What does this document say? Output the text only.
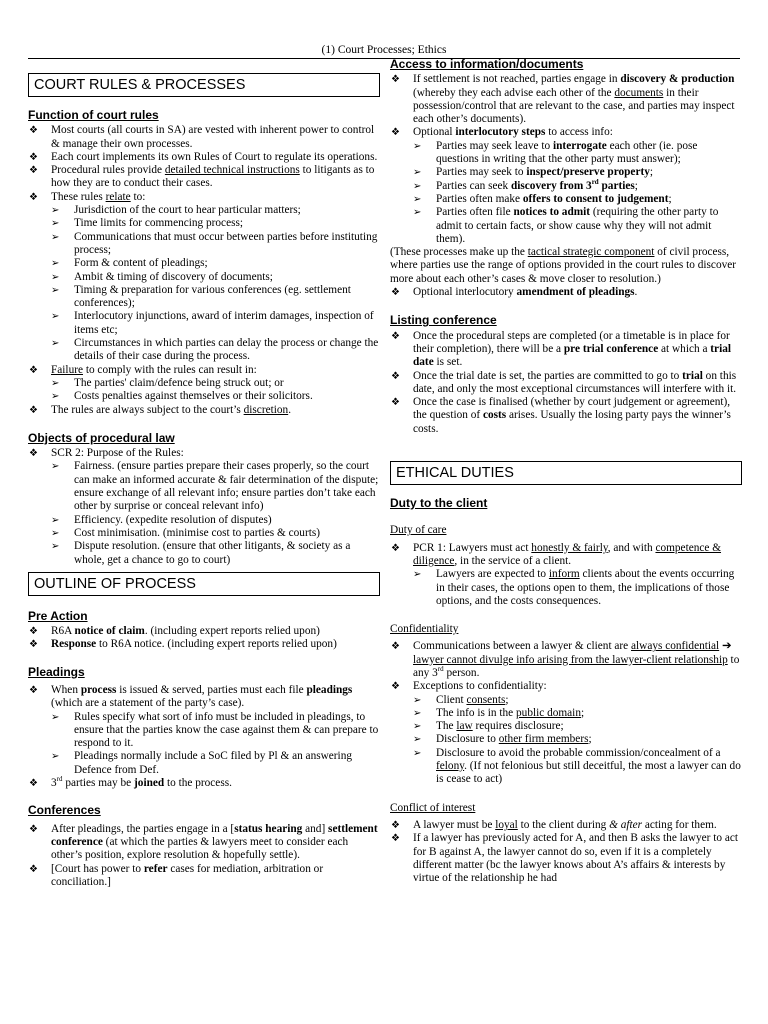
(1) Court Processes; Ethics
COURT RULES & PROCESSES

Function of court rules

❖ Most courts (all courts in SA) are vested with inherent power to control & manage their own processes.
❖ Each court implements its own Rules of Court to regulate its operations.
❖ Procedural rules provide detailed technical instructions to litigants as to how they are to conduct their cases.
❖ These rules relate to:
➢ Jurisdiction of the court to hear particular matters;
➢ Time limits for commencing process;
➢ Communications that must occur between parties before instituting process;
➢ Form & content of pleadings;
➢ Ambit & timing of discovery of documents;
➢ Timing & preparation for various conferences (eg. settlement conferences);
➢ Interlocutory injunctions, award of interim damages, inspection of items etc;
➢ Circumstances in which parties can delay the process or change the details of their case during the process.
❖ Failure to comply with the rules can result in:
➢ The parties' claim/defence being struck out; or
➢ Costs penalties against themselves or their solicitors.
❖ The rules are always subject to the court’s discretion.

Objects of procedural law

❖ SCR 2: Purpose of the Rules:
➢ Fairness. (ensure parties prepare their cases properly, so the court can make an informed accurate & fair determination of the dispute; ensure exchange of all relevant info; ensure parties don’t take each other by surprise or conceal relevant info)
➢ Efficiency. (expedite resolution of disputes)
➢ Cost minimisation. (minimise cost to parties & courts)
➢ Dispute resolution. (ensure that other litigants, & society as a whole, get a chance to go to court)
OUTLINE OF PROCESS

Pre Action

❖ R6A notice of claim. (including expert reports relied upon)
❖ Response to R6A notice. (including expert reports relied upon)

Pleadings

❖ When process is issued & served, parties must each file pleadings (which are a statement of the party’s case).
➢ Rules specify what sort of info must be included in pleadings, to ensure that the parties know the case against them & can prepare to respond to it.
➢ Pleadings normally include a SoC filed by Pl & an answering Defence from Def.
❖ 3rd parties may be joined to the process.

Conferences

❖ After pleadings, the parties engage in a [status hearing and] settlement conference (at which the parties & lawyers meet to consider each other’s position, explore resolution & hopefully settle).
❖ [Court has power to refer cases for mediation, arbitration or conciliation.]

Access to information/documents

❖ If settlement is not reached, parties engage in discovery & production (whereby they each advise each other of the documents in their possession/control that are relevant to the case, and parties may inspect each other’s documents).
❖ Optional interlocutory steps to access info:
➢ Parties may seek leave to interrogate each other (ie. pose questions in writing that the other party must answer);
➢ Parties may seek to inspect/preserve property;
➢ Parties can seek discovery from 3rd parties;
➢ Parties often make offers to consent to judgement;
➢ Parties often file notices to admit (requiring the other party to admit to certain facts, or show cause why they will not admit them).

(These processes make up the tactical strategic component of civil process, where parties use the range of options provided in the court rules to discover more about each other’s cases & move closer to resolution.)

❖ Optional interlocutory amendment of pleadings.

Listing conference

❖ Once the procedural steps are completed (or a timetable is in place for their completion), there will be a pre trial conference at which a trial date is set.
❖ Once the trial date is set, the parties are committed to go to trial on this date, and only the most exceptional circumstances will interfere with it.
❖ Once the case is finalised (whether by court judgement or agreement), the question of costs arises. Usually the losing party pays the winner’s costs.
ETHICAL DUTIES

Duty to the client

Duty of care

❖ PCR 1: Lawyers must act honestly & fairly, and with competence & diligence, in the service of a client.
➢ Lawyers are expected to inform clients about the events occurring in their cases, the options open to them, the implications of those options, and the costs consequences.

Confidentiality

❖ Communications between a lawyer & client are always confidential ➔ lawyer cannot divulge info arising from the lawyer-client relationship to any 3rd person.
❖ Exceptions to confidentiality:
➢ Client consents;
➢ The info is in the public domain;
➢ The law requires disclosure;
➢ Disclosure to other firm members;
➢ Disclosure to avoid the probable commission/concealment of a felony. (If not felonious but still deceitful, the most a lawyer can do is cease to act)

Conflict of interest

❖ A lawyer must be loyal to the client during & after acting for them.
❖ If a lawyer has previously acted for A, and then B asks the lawyer to act for B against A, the lawyer cannot do so, even if it is a completely different matter (bc the lawyer knows about A’s affairs & interests by virtue of the relationship he had
